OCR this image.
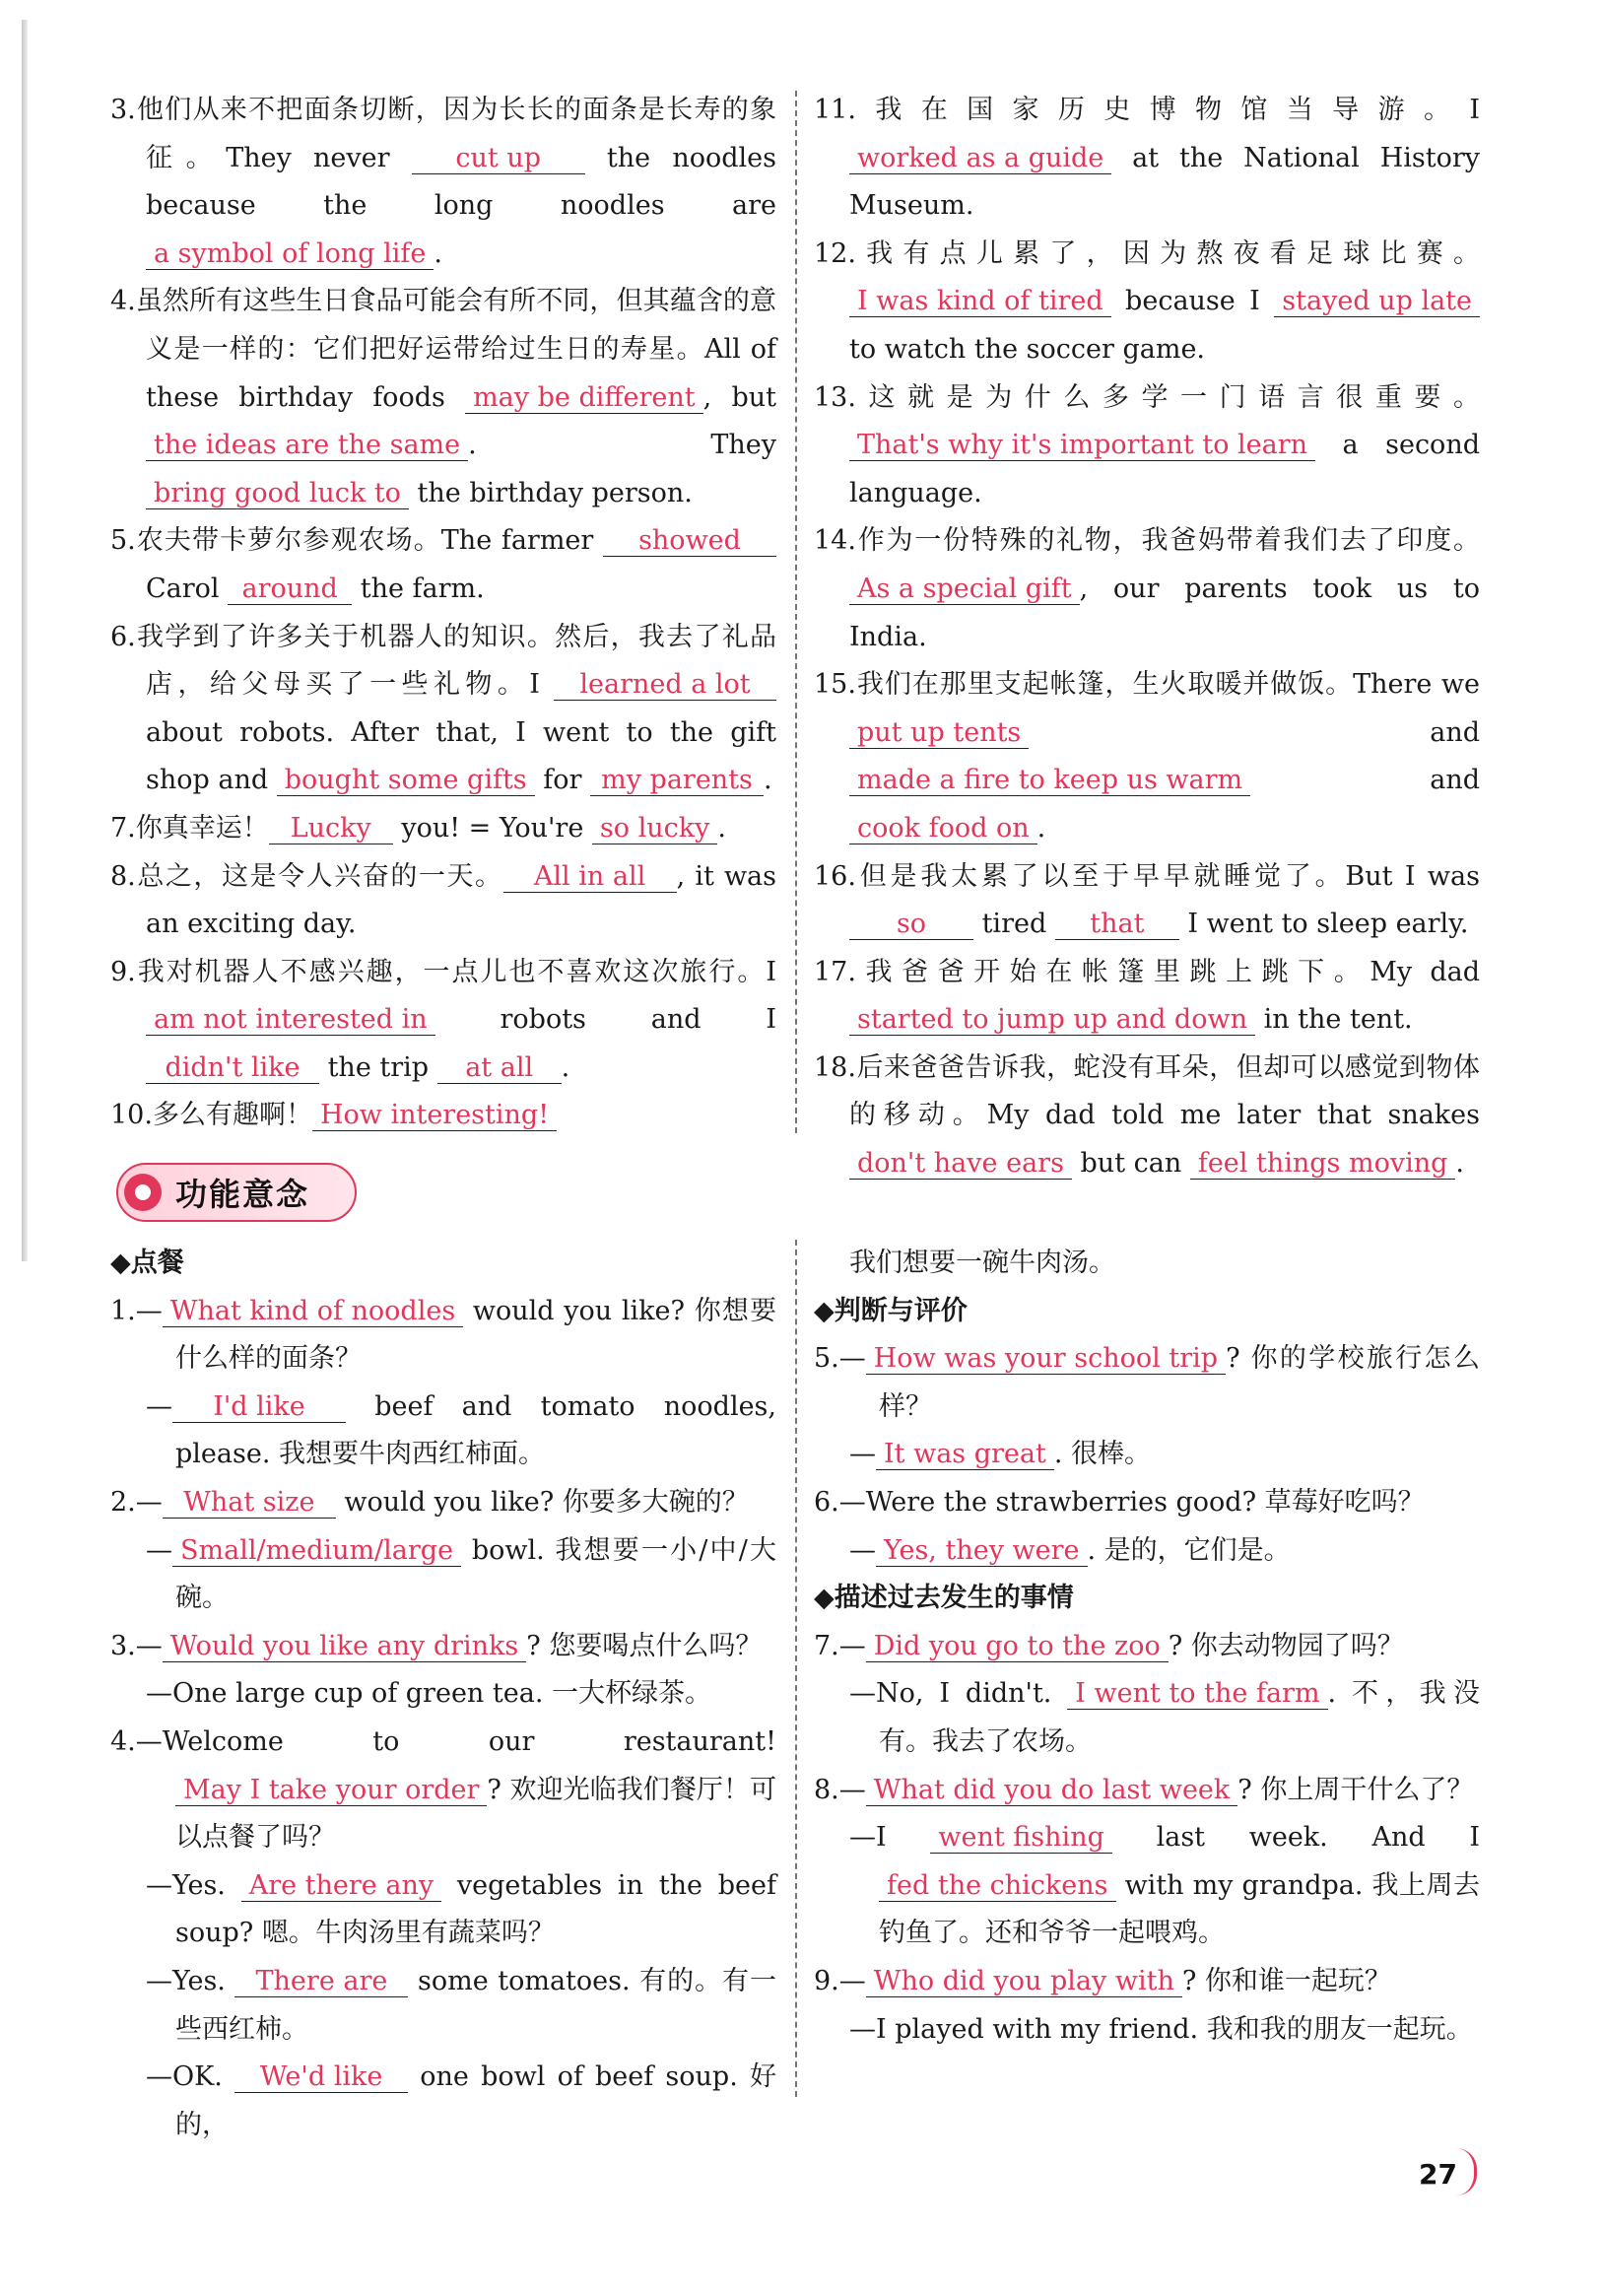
3.他们从来不把面条切断，因为长长的面条是长寿的象征。They never cut up the noodles because the long noodles are a symbol of long life .

4.虽然所有这些生日食品可能会有所不同，但其蕴含的意义是一样的：它们把好运带给过生日的寿星。All of these birthday foods may be different , but the ideas are the same . They bring good luck to the birthday person.

5.农夫带卡萝尔参观农场。The farmer showed Carol around the farm.

6.我学到了许多关于机器人的知识。然后，我去了礼品店，给父母买了一些礼物。I learned a lot about robots. After that, I went to the gift shop and bought some gifts for my parents .

7.你真幸运！ Lucky you! = You're so lucky .

8.总之，这是令人兴奋的一天。 All in all , it was an exciting day.

9.我对机器人不感兴趣，一点儿也不喜欢这次旅行。I am not interested in robots and I didn't like the trip at all .

10.多么有趣啊！ How interesting!

11.我在国家历史博物馆当导游。I worked as a guide at the National History Museum.

12.我有点儿累了，因为熬夜看足球比赛。I was kind of tired because I stayed up late to watch the soccer game.

13.这就是为什么多学一门语言很重要。That's why it's important to learn a second language.

14.作为一份特殊的礼物，我爸妈带着我们去了印度。As a special gift , our parents took us to India.

15.我们在那里支起帐篷，生火取暖并做饭。There we put up tents and made a fire to keep us warm and cook food on .

16.但是我太累了以至于早早就睡觉了。But I was so tired that I went to sleep early.

17.我爸爸开始在帐篷里跳上跳下。My dad started to jump up and down in the tent.

18.后来爸爸告诉我，蛇没有耳朵，但却可以感觉到物体的移动。My dad told me later that snakes don't have ears but can feel things moving .

功能意念

◆点餐

1.— What kind of noodles would you like? 你想要什么样的面条？

— I'd like beef and tomato noodles, please. 我想要牛肉西红柿面。

2.— What size would you like? 你要多大碗的？

— Small/medium/large bowl. 我想要一小/中/大碗。

3.— Would you like any drinks ? 您要喝点什么吗？

—One large cup of green tea. 一大杯绿茶。

4.—Welcome to our restaurant! May I take your order ? 欢迎光临我们餐厅！可以点餐了吗？

—Yes. Are there any vegetables in the beef soup? 嗯。牛肉汤里有蔬菜吗？

—Yes. There are some tomatoes. 有的。有一些西红柿。

—OK. We'd like one bowl of beef soup. 好的，

我们想要一碗牛肉汤。

◆判断与评价

5.— How was your school trip ? 你的学校旅行怎么样？

— It was great . 很棒。

6.—Were the strawberries good? 草莓好吃吗？

— Yes, they were . 是的，它们是。

◆描述过去发生的事情

7.— Did you go to the zoo ? 你去动物园了吗？

—No, I didn't. I went to the farm . 不，我没有。我去了农场。

8.— What did you do last week ? 你上周干什么了？

—I went fishing last week. And I fed the chickens with my grandpa. 我上周去钓鱼了。还和爷爷一起喂鸡。

9.— Who did you play with ? 你和谁一起玩？

—I played with my friend. 我和我的朋友一起玩。

27
